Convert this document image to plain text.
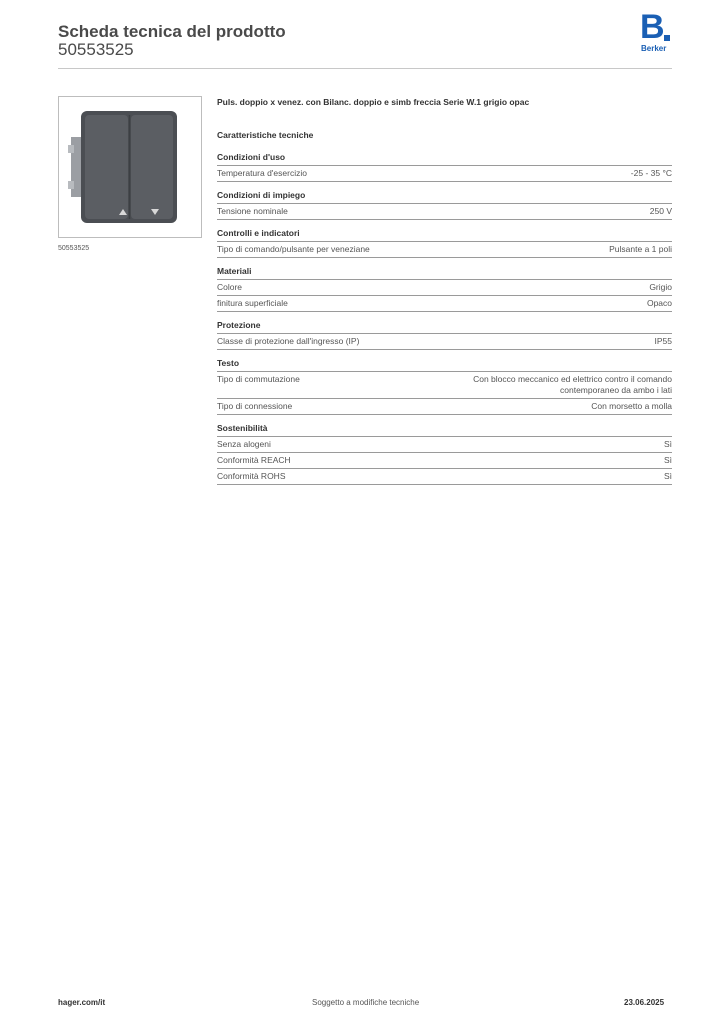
Scheda tecnica del prodotto
50553525
B
Berker
50553525
Puls. doppio x venez. con Bilanc. doppio e simb freccia Serie W.1 grigio opac
Caratteristiche tecniche
Condizioni d'uso
Temperatura d'esercizio	-25 - 35 °C
Condizioni di impiego
Tensione nominale	250 V
Controlli e indicatori
Tipo di comando/pulsante per veneziane	Pulsante a 1 poli
Materiali
Colore	Grigio
finitura superficiale	Opaco
Protezione
Classe di protezione dall'ingresso (IP)	IP55
Testo
Tipo di commutazione	Con blocco meccanico ed elettrico contro il comando contemporaneo da ambo i lati
Tipo di connessione	Con morsetto a molla
Sostenibilità
Senza alogeni	Sì
Conformità REACH	Sì
Conformità ROHS	Sì
hager.com/it	Soggetto a modifiche tecniche	23.06.2025
